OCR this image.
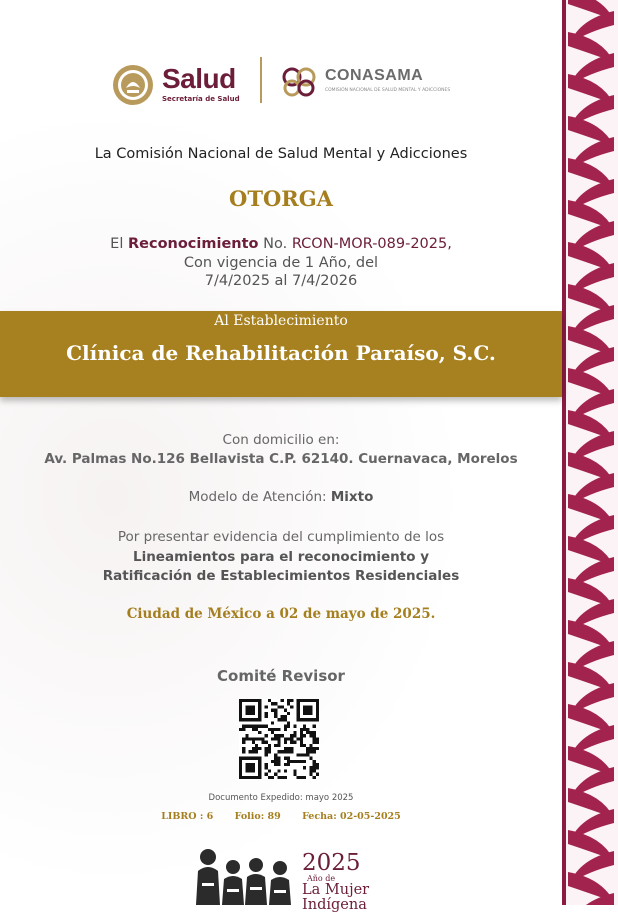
Salud
Secretaría de Salud
CONASAMA
COMISIÓN NACIONAL DE SALUD MENTAL Y ADICCIONES
La Comisión Nacional de Salud Mental y Adicciones
OTORGA
El Reconocimiento No. RCON-MOR-089-2025,
Con vigencia de 1 Año, del
7/4/2025 al 7/4/2026
Al Establecimiento
Clínica de Rehabilitación Paraíso, S.C.
Con domicilio en:
Av. Palmas No.126 Bellavista C.P. 62140. Cuernavaca, Morelos
Modelo de Atención: Mixto
Por presentar evidencia del cumplimiento de los
Lineamientos para el reconocimiento y
Ratificación de Establecimientos Residenciales
Ciudad de México a 02 de mayo de 2025.
Comité Revisor
Documento Expedido: mayo 2025
LIBRO : 6 Folio: 89 Fecha: 02-05-2025
2025
Año de
La Mujer
Indígena
